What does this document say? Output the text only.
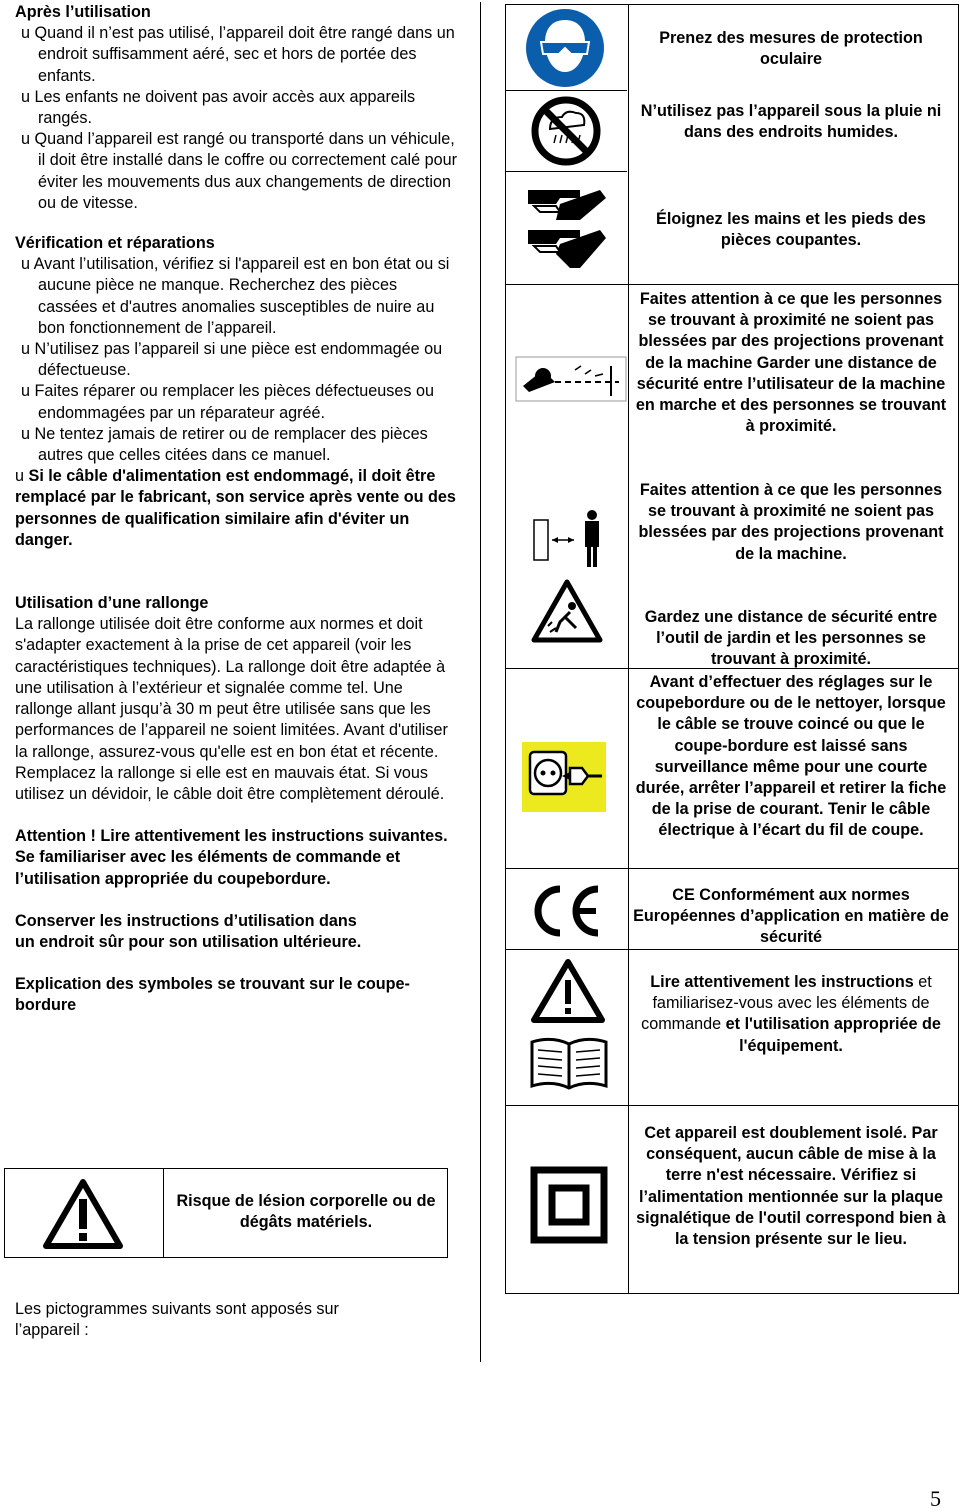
Après l’utilisation

u Quand il n’est pas utilisé, l’appareil doit être rangé dans un endroit suffisamment aéré, sec et hors de portée des enfants.

u Les enfants ne doivent pas avoir accès aux appareils rangés.

u Quand l’appareil est rangé ou transporté dans un véhicule, il doit être installé dans le coffre ou correctement calé pour éviter les mouvements dus aux changements de direction ou de vitesse.

Vérification et réparations

u Avant l’utilisation, vérifiez si l'appareil est en bon état ou si aucune pièce ne manque. Recherchez des pièces cassées et d'autres anomalies susceptibles de nuire au bon fonctionnement de l’appareil.

u N’utilisez pas l’appareil si une pièce est endommagée ou défectueuse.

u Faites réparer ou remplacer les pièces défectueuses ou endommagées par un réparateur agréé.

u Ne tentez jamais de retirer ou de remplacer des pièces autres que celles citées dans ce manuel.

u Si le câble d'alimentation est endommagé, il doit être remplacé par le fabricant, son service après vente ou des personnes de qualification similaire afin d'éviter un danger.

Utilisation d’une rallonge

La rallonge utilisée doit être conforme aux normes et doit s'adapter exactement à la prise de cet appareil (voir les caractéristiques techniques). La rallonge doit être adaptée à une utilisation à l’extérieur et signalée comme tel. Une rallonge allant jusqu’à 30 m peut être utilisée sans que les performances de l’appareil ne soient limitées. Avant d'utiliser la rallonge, assurez-vous qu'elle est en bon état et récente. Remplacez la rallonge si elle est en mauvais état. Si vous utilisez un dévidoir, le câble doit être complètement déroulé.

Attention ! Lire attentivement les instructions suivantes. Se familiariser avec les éléments de commande et l’utilisation appropriée du coupebordure.

Conserver les instructions d’utilisation dans un endroit sûr pour son utilisation ultérieure.

Explication des symboles se trouvant sur le coupe-bordure

Risque de lésion corporelle ou de dégâts matériels.
Les pictogrammes suivants sont apposés sur l’appareil :
Prenez des mesures de protection oculaire
N’utilisez pas l’appareil sous la pluie ni dans des endroits humides.
Éloignez les mains et les pieds des pièces coupantes.
Faites attention à ce que les personnes se trouvant à proximité ne soient pas blessées par des projections provenant de la machine Garder une distance de sécurité entre l’utilisateur de la machine en marche et des personnes se trouvant à proximité.
Faites attention à ce que les personnes se trouvant à proximité ne soient pas blessées par des projections provenant de la machine.
Gardez une distance de sécurité entre l’outil de jardin et les personnes se trouvant à proximité.
Avant d’effectuer des réglages sur le coupebordure ou de le nettoyer, lorsque le câble se trouve coincé ou que le coupe-bordure est laissé sans surveillance même pour une courte durée, arrêter l’appareil et retirer la fiche de la prise de courant. Tenir le câble électrique à l’écart du fil de coupe.
CE Conformément aux normes Européennes d’application en matière de sécurité
Lire attentivement les instructions et familiarisez-vous avec les éléments de commande et l'utilisation appropriée de l'équipement.
Cet appareil est doublement isolé. Par conséquent, aucun câble de mise à la terre n'est nécessaire. Vérifiez si l’alimentation mentionnée sur la plaque signalétique de l'outil correspond bien à la tension présente sur le lieu.
5
